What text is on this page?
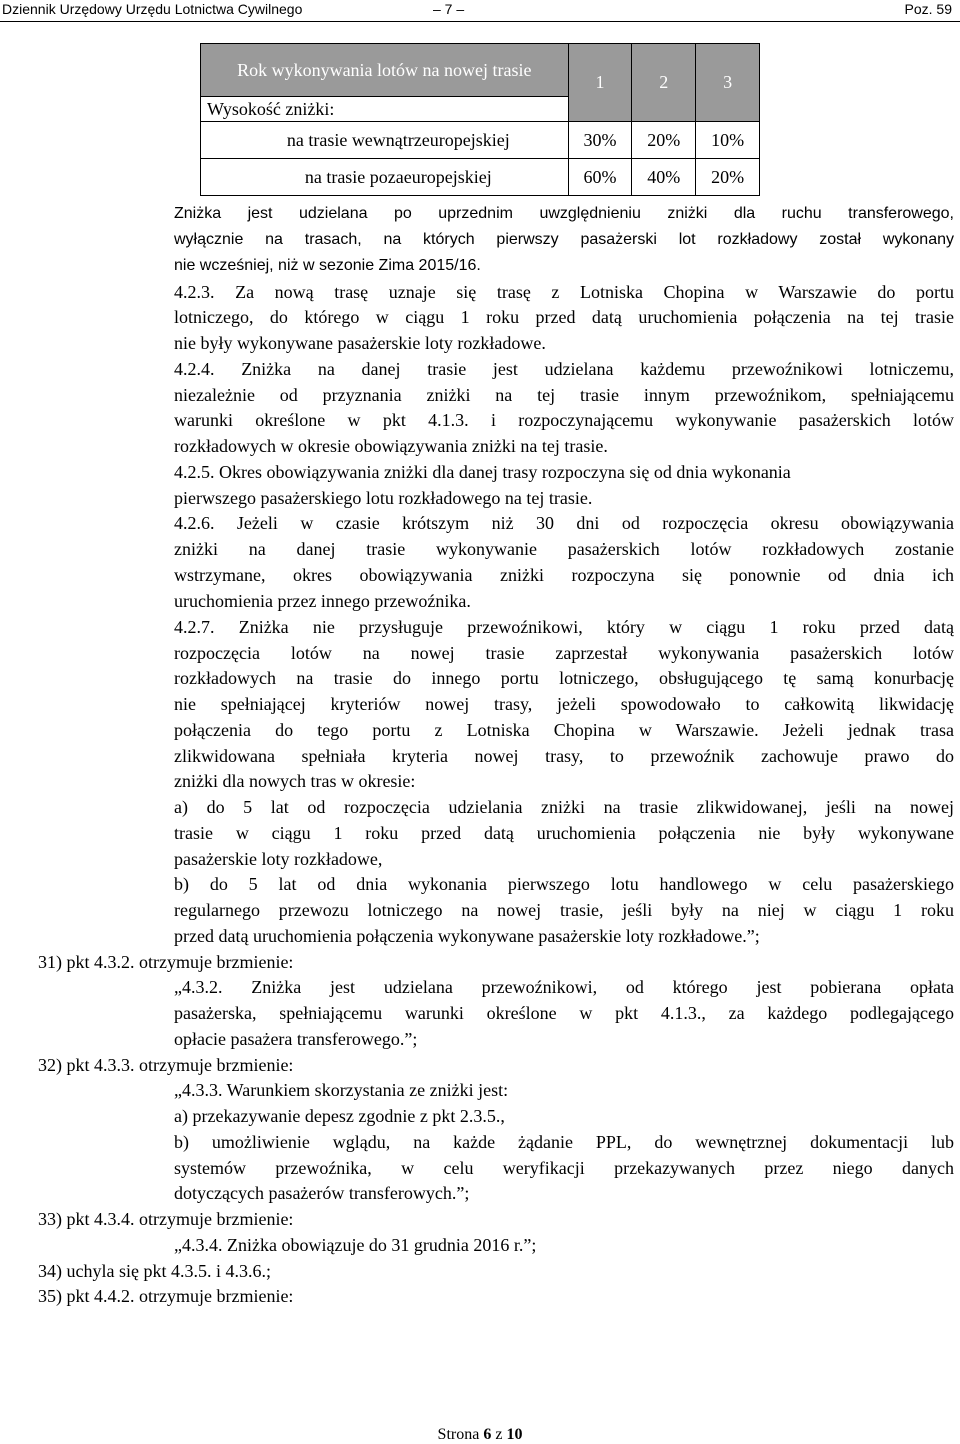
Dziennik Urzędowy Urzędu Lotnictwa Cywilnego	– 7 –	Poz. 59
Rok wykonywania lotów na nowej trasie	1	2	3
Wysokość zniżki:			
na trasie wewnątrzeuropejskiej	30%	20%	10%
na trasie pozaeuropejskiej	60%	40%	20%
Zniżka jest udzielana po uprzednim uwzględnieniu zniżki dla ruchu transferowego,
wyłącznie na trasach, na których pierwszy pasażerski lot rozkładowy został wykonany
nie wcześniej, niż w sezonie Zima 2015/16.
4.2.3. Za nową trasę uznaje się trasę z Lotniska Chopina w Warszawie do portu
lotniczego, do którego w ciągu 1 roku przed datą uruchomienia połączenia na tej trasie
nie były wykonywane pasażerskie loty rozkładowe.
4.2.4. Zniżka na danej trasie jest udzielana każdemu przewoźnikowi lotniczemu,
niezależnie od przyznania zniżki na tej trasie innym przewoźnikom, spełniającemu
warunki określone w pkt 4.1.3. i rozpoczynającemu wykonywanie pasażerskich lotów
rozkładowych w okresie obowiązywania zniżki na tej trasie.
4.2.5. Okres obowiązywania zniżki dla danej trasy rozpoczyna się od dnia wykonania
pierwszego pasażerskiego lotu rozkładowego na tej trasie.
4.2.6. Jeżeli w czasie krótszym niż 30 dni od rozpoczęcia okresu obowiązywania
zniżki na danej trasie wykonywanie pasażerskich lotów rozkładowych zostanie
wstrzymane, okres obowiązywania zniżki rozpoczyna się ponownie od dnia ich
uruchomienia przez innego przewoźnika.
4.2.7. Zniżka nie przysługuje przewoźnikowi, który w ciągu 1 roku przed datą
rozpoczęcia lotów na nowej trasie zaprzestał wykonywania pasażerskich lotów
rozkładowych na trasie do innego portu lotniczego, obsługującego tę samą konurbację
nie spełniającej kryteriów nowej trasy, jeżeli spowodowało to całkowitą likwidację
połączenia do tego portu z Lotniska Chopina w Warszawie. Jeżeli jednak trasa
zlikwidowana spełniała kryteria nowej trasy, to przewoźnik zachowuje prawo do
zniżki dla nowych tras w okresie:
a) do 5 lat od rozpoczęcia udzielania zniżki na trasie zlikwidowanej, jeśli na nowej
trasie w ciągu 1 roku przed datą uruchomienia połączenia nie były wykonywane
pasażerskie loty rozkładowe,
b) do 5 lat od dnia wykonania pierwszego lotu handlowego w celu pasażerskiego
regularnego przewozu lotniczego na nowej trasie, jeśli były na niej w ciągu 1 roku
przed datą uruchomienia połączenia wykonywane pasażerskie loty rozkładowe.”;
31) pkt 4.3.2. otrzymuje brzmienie:
„4.3.2. Zniżka jest udzielana przewoźnikowi, od którego jest pobierana opłata
pasażerska, spełniającemu warunki określone w pkt 4.1.3., za każdego podlegającego
opłacie pasażera transferowego.”;
32) pkt 4.3.3. otrzymuje brzmienie:
„4.3.3. Warunkiem skorzystania ze zniżki jest:
a) przekazywanie depesz zgodnie z pkt 2.3.5.,
b) umożliwienie wglądu, na każde żądanie PPL, do wewnętrznej dokumentacji lub
systemów przewoźnika, w celu weryfikacji przekazywanych przez niego danych
dotyczących pasażerów transferowych.”;
33) pkt 4.3.4. otrzymuje brzmienie:
„4.3.4. Zniżka obowiązuje do 31 grudnia 2016 r.”;
34) uchyla się pkt 4.3.5. i 4.3.6.;
35) pkt 4.4.2. otrzymuje brzmienie:
Strona 6 z 10
